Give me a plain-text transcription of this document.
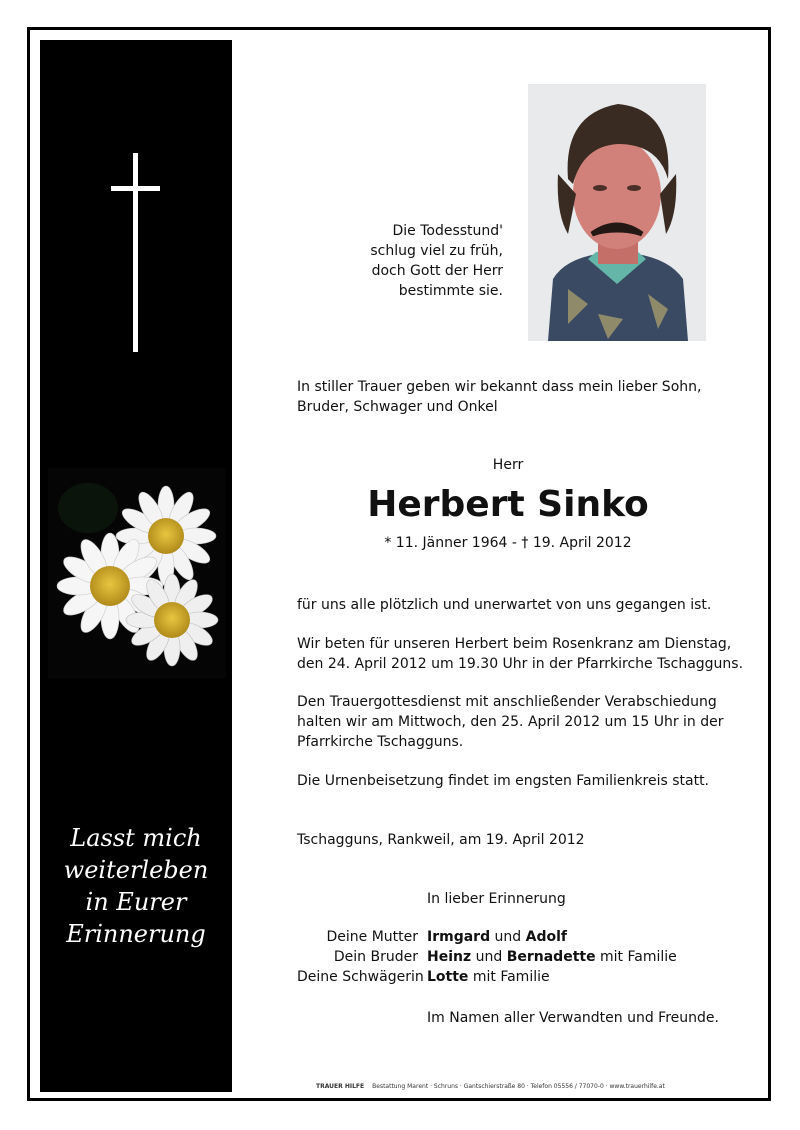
Lasst mich
weiterleben
in Eurer
Erinnerung
Die Todesstund'
schlug viel zu früh,
doch Gott der Herr
bestimmte sie.
In stiller Trauer geben wir bekannt dass mein lieber Sohn,
Bruder, Schwager und Onkel
Herr
Herbert Sinko
* 11. Jänner 1964 - † 19. April 2012
für uns alle plötzlich und unerwartet von uns gegangen ist.
Wir beten für unseren Herbert beim Rosenkranz am Dienstag,
den 24. April 2012 um 19.30 Uhr in der Pfarrkirche Tschagguns.
Den Trauergottesdienst mit anschließender Verabschiedung
halten wir am Mittwoch, den 25. April 2012 um 15 Uhr in der
Pfarrkirche Tschagguns.
Die Urnenbeisetzung findet im engsten Familienkreis statt.
Tschagguns, Rankweil, am 19. April 2012
In lieber Erinnerung
Deine Mutter Irmgard und Adolf
Dein Bruder Heinz und Bernadette mit Familie
Deine Schwägerin Lotte mit Familie
Im Namen aller Verwandten und Freunde.
TRAUER HILFE Bestattung Marent · Schruns · Gantschierstraße 80 · Telefon 05556 / 77070-0 · www.trauerhilfe.at
